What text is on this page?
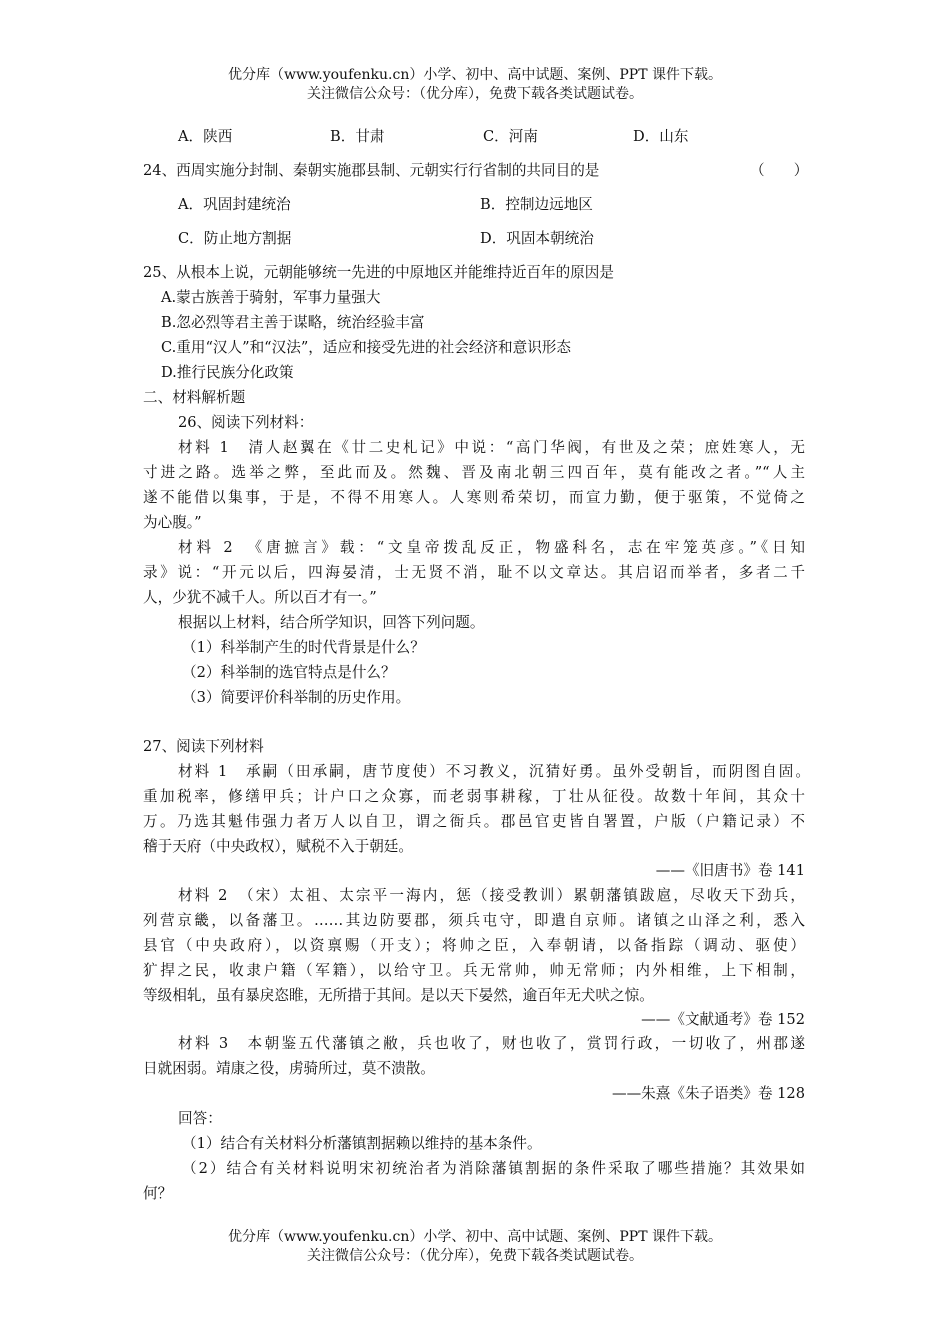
优分库（www.youfenku.cn）小学、初中、高中试题、案例、PPT 课件下载。
关注微信公众号：（优分库），免费下载各类试题试卷。
A．陕西	B．甘肃	C．河南	D．山东
24、西周实施分封制、秦朝实施郡县制、元朝实行行省制的共同目的是	（　　）
A．巩固封建统治	B．控制边远地区
C．防止地方割据	D．巩固本朝统治
25、从根本上说，元朝能够统一先进的中原地区并能维持近百年的原因是
A.蒙古族善于骑射，军事力量强大
B.忽必烈等君主善于谋略，统治经验丰富
C.重用“汉人”和“汉法”，适应和接受先进的社会经济和意识形态
D.推行民族分化政策
二、材料解析题
26、阅读下列材料：
材料 1　清人赵翼在《廿二史札记》中说：“高门华阀，有世及之荣；庶姓寒人，无
寸进之路。选举之弊，至此而及。然魏、晋及南北朝三四百年，莫有能改之者。”“人主
遂不能借以集事，于是，不得不用寒人。人寒则希荣切，而宣力勤，便于驱策，不觉倚之
为心腹。”
材料 2　《唐摭言》载：“文皇帝拨乱反正，物盛科名，志在牢笼英彦。”《日知
录》说：“开元以后，四海晏清，士无贤不消，耻不以文章达。其启诏而举者，多者二千
人，少犹不减千人。所以百才有一。”
根据以上材料，结合所学知识，回答下列问题。
（1）科举制产生的时代背景是什么？
（2）科举制的选官特点是什么？
（3）简要评价科举制的历史作用。
27、阅读下列材料
材料 1　承嗣（田承嗣，唐节度使）不习教义，沉猜好勇。虽外受朝旨，而阴图自固。
重加税率，修缮甲兵；计户口之众寡，而老弱事耕稼，丁壮从征役。故数十年间，其众十
万。乃选其魁伟强力者万人以自卫，谓之衙兵。郡邑官吏皆自署置，户版（户籍记录）不
稽于天府（中央政权），赋税不入于朝廷。
——《旧唐书》卷 141
材料 2　（宋）太祖、太宗平一海内，惩（接受教训）累朝藩镇跋扈，尽收天下劲兵，
列营京畿，以备藩卫。……其边防要郡，须兵屯守，即遣自京师。诸镇之山泽之利，悉入
县官（中央政府），以资禀赐（开支）；将帅之臣，入奉朝请，以备指踪（调动、驱使）
犷捍之民，收隶户籍（军籍），以给守卫。兵无常帅，帅无常师；内外相维，上下相制，
等级相轧，虽有暴戾恣睢，无所措于其间。是以天下晏然，逾百年无犬吠之惊。
——《文献通考》卷 152
材料 3　本朝鉴五代藩镇之敝，兵也收了，财也收了，赏罚行政，一切收了，州郡遂
日就困弱。靖康之役，虏骑所过，莫不溃散。
——朱熹《朱子语类》卷 128
回答：
（1）结合有关材料分析藩镇割据赖以维持的基本条件。
（2）结合有关材料说明宋初统治者为消除藩镇割据的条件采取了哪些措施？其效果如
何？
优分库（www.youfenku.cn）小学、初中、高中试题、案例、PPT 课件下载。
关注微信公众号：（优分库），免费下载各类试题试卷。
